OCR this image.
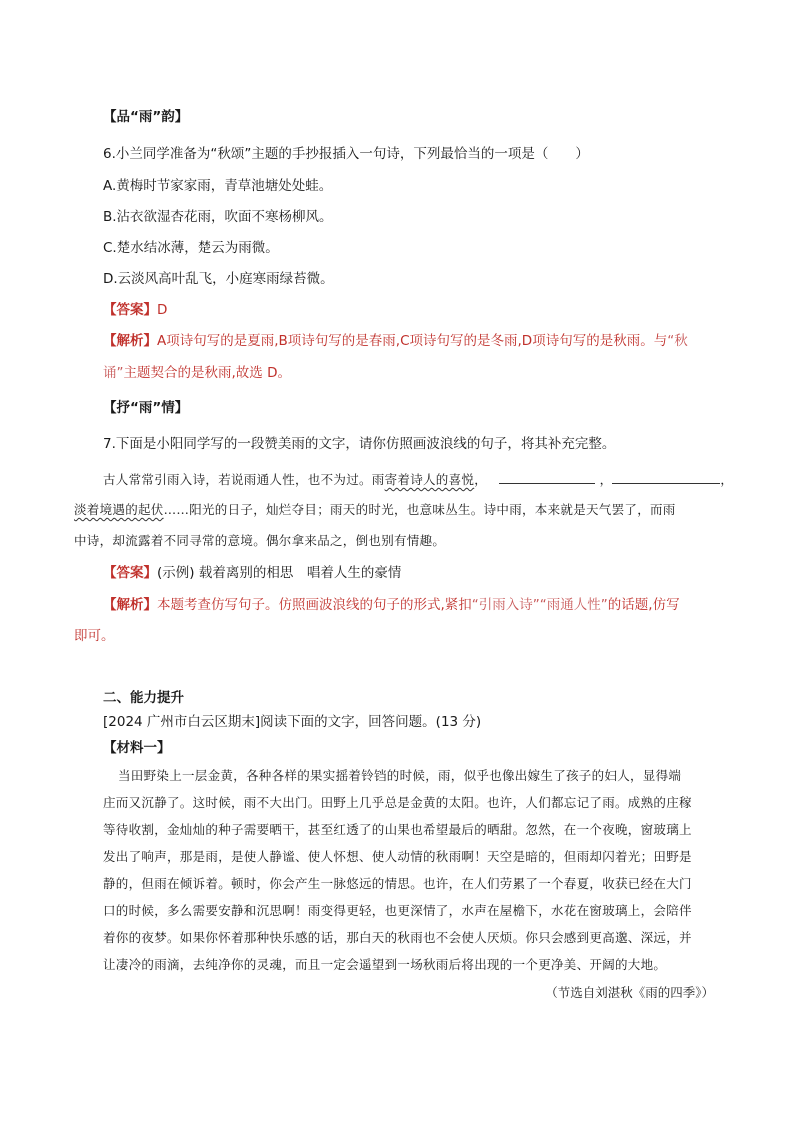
【品“雨”韵】
6.小兰同学准备为“秋颂”主题的手抄报插入一句诗，下列最恰当的一项是（　　）
A.黄梅时节家家雨，青草池塘处处蛙。
B.沾衣欲湿杏花雨，吹面不寒杨柳风。
C.楚水结冰薄，楚云为雨微。
D.云淡风高叶乱飞，小庭寒雨绿苔微。
【答案】D
【解析】A项诗句写的是夏雨,B项诗句写的是春雨,C项诗句写的是冬雨,D项诗句写的是秋雨。与“秋
诵”主题契合的是秋雨,故选 D。
【抒“雨”情】
7.下面是小阳同学写的一段赞美雨的文字，请你仿照画波浪线的句子，将其补充完整。
古人常常引雨入诗，若说雨通人性，也不为过。雨寄着诗人的喜悦，	，	，
淡着境遇的起伏……阳光的日子，灿烂夺目；雨天的时光，也意味丛生。诗中雨，本来就是天气罢了，而雨
中诗，却流露着不同寻常的意境。偶尔拿来品之，倒也别有情趣。
【答案】(示例) 载着离别的相思　唱着人生的豪情
【解析】本题考查仿写句子。仿照画波浪线的句子的形式,紧扣“引雨入诗”“雨通人性”的话题,仿写
即可。
二、能力提升
[2024 广州市白云区期末]阅读下面的文字，回答问题。(13 分)
【材料一】
当田野染上一层金黄，各种各样的果实摇着铃铛的时候，雨，似乎也像出嫁生了孩子的妇人，显得端
庄而又沉静了。这时候，雨不大出门。田野上几乎总是金黄的太阳。也许，人们都忘记了雨。成熟的庄稼
等待收割，金灿灿的种子需要晒干，甚至红透了的山果也希望最后的晒甜。忽然，在一个夜晚，窗玻璃上
发出了响声，那是雨，是使人静谧、使人怀想、使人动情的秋雨啊！天空是暗的，但雨却闪着光；田野是
静的，但雨在倾诉着。顿时，你会产生一脉悠远的情思。也许，在人们劳累了一个春夏，收获已经在大门
口的时候，多么需要安静和沉思啊！雨变得更轻，也更深情了，水声在屋檐下，水花在窗玻璃上，会陪伴
着你的夜梦。如果你怀着那种快乐感的话，那白天的秋雨也不会使人厌烦。你只会感到更高邈、深远，并
让凄冷的雨滴，去纯净你的灵魂，而且一定会遥望到一场秋雨后将出现的一个更净美、开阔的大地。
（节选自刘湛秋《雨的四季》）
